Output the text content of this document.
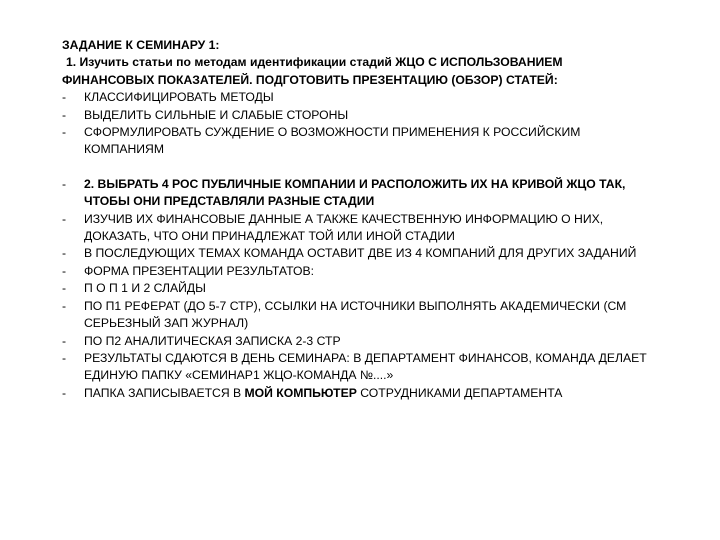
ЗАДАНИЕ К СЕМИНАРУ 1:
1. Изучить статьи по методам идентификации стадий ЖЦО С ИСПОЛЬЗОВАНИЕМ
ФИНАНСОВЫХ ПОКАЗАТЕЛЕЙ. ПОДГОТОВИТЬ ПРЕЗЕНТАЦИЮ (ОБЗОР) СТАТЕЙ:
-	КЛАССИФИЦИРОВАТЬ МЕТОДЫ
-	ВЫДЕЛИТЬ СИЛЬНЫЕ И СЛАБЫЕ СТОРОНЫ
-	СФОРМУЛИРОВАТЬ СУЖДЕНИЕ О ВОЗМОЖНОСТИ ПРИМЕНЕНИЯ К РОССИЙСКИМ КОМПАНИЯМ
-	2. ВЫБРАТЬ 4 РОС ПУБЛИЧНЫЕ КОМПАНИИ И РАСПОЛОЖИТЬ ИХ НА КРИВОЙ ЖЦО ТАК, ЧТОБЫ ОНИ ПРЕДСТАВЛЯЛИ РАЗНЫЕ СТАДИИ
-	ИЗУЧИВ ИХ ФИНАНСОВЫЕ ДАННЫЕ А ТАКЖЕ КАЧЕСТВЕННУЮ ИНФОРМАЦИЮ О НИХ, ДОКАЗАТЬ, ЧТО ОНИ ПРИНАДЛЕЖАТ ТОЙ ИЛИ ИНОЙ СТАДИИ
-	В ПОСЛЕДУЮЩИХ ТЕМАХ КОМАНДА ОСТАВИТ ДВЕ ИЗ 4 КОМПАНИЙ ДЛЯ ДРУГИХ ЗАДАНИЙ
-	ФОРМА ПРЕЗЕНТАЦИИ РЕЗУЛЬТАТОВ:
-	П О П 1 И 2 СЛАЙДЫ
-	ПО П1 РЕФЕРАТ (ДО 5-7 СТР), ССЫЛКИ НА ИСТОЧНИКИ ВЫПОЛНЯТЬ АКАДЕМИЧЕСКИ (СМ СЕРЬЕЗНЫЙ ЗАП ЖУРНАЛ)
-	ПО П2 АНАЛИТИЧЕСКАЯ ЗАПИСКА 2-3 СТР
-	РЕЗУЛЬТАТЫ СДАЮТСЯ В ДЕНЬ СЕМИНАРА: В ДЕПАРТАМЕНТ ФИНАНСОВ, КОМАНДА ДЕЛАЕТ ЕДИНУЮ ПАПКУ «СЕМИНАР1 ЖЦО-КОМАНДА №....»
-	ПАПКА ЗАПИСЫВАЕТСЯ В МОЙ КОМПЬЮТЕР СОТРУДНИКАМИ ДЕПАРТАМЕНТА
